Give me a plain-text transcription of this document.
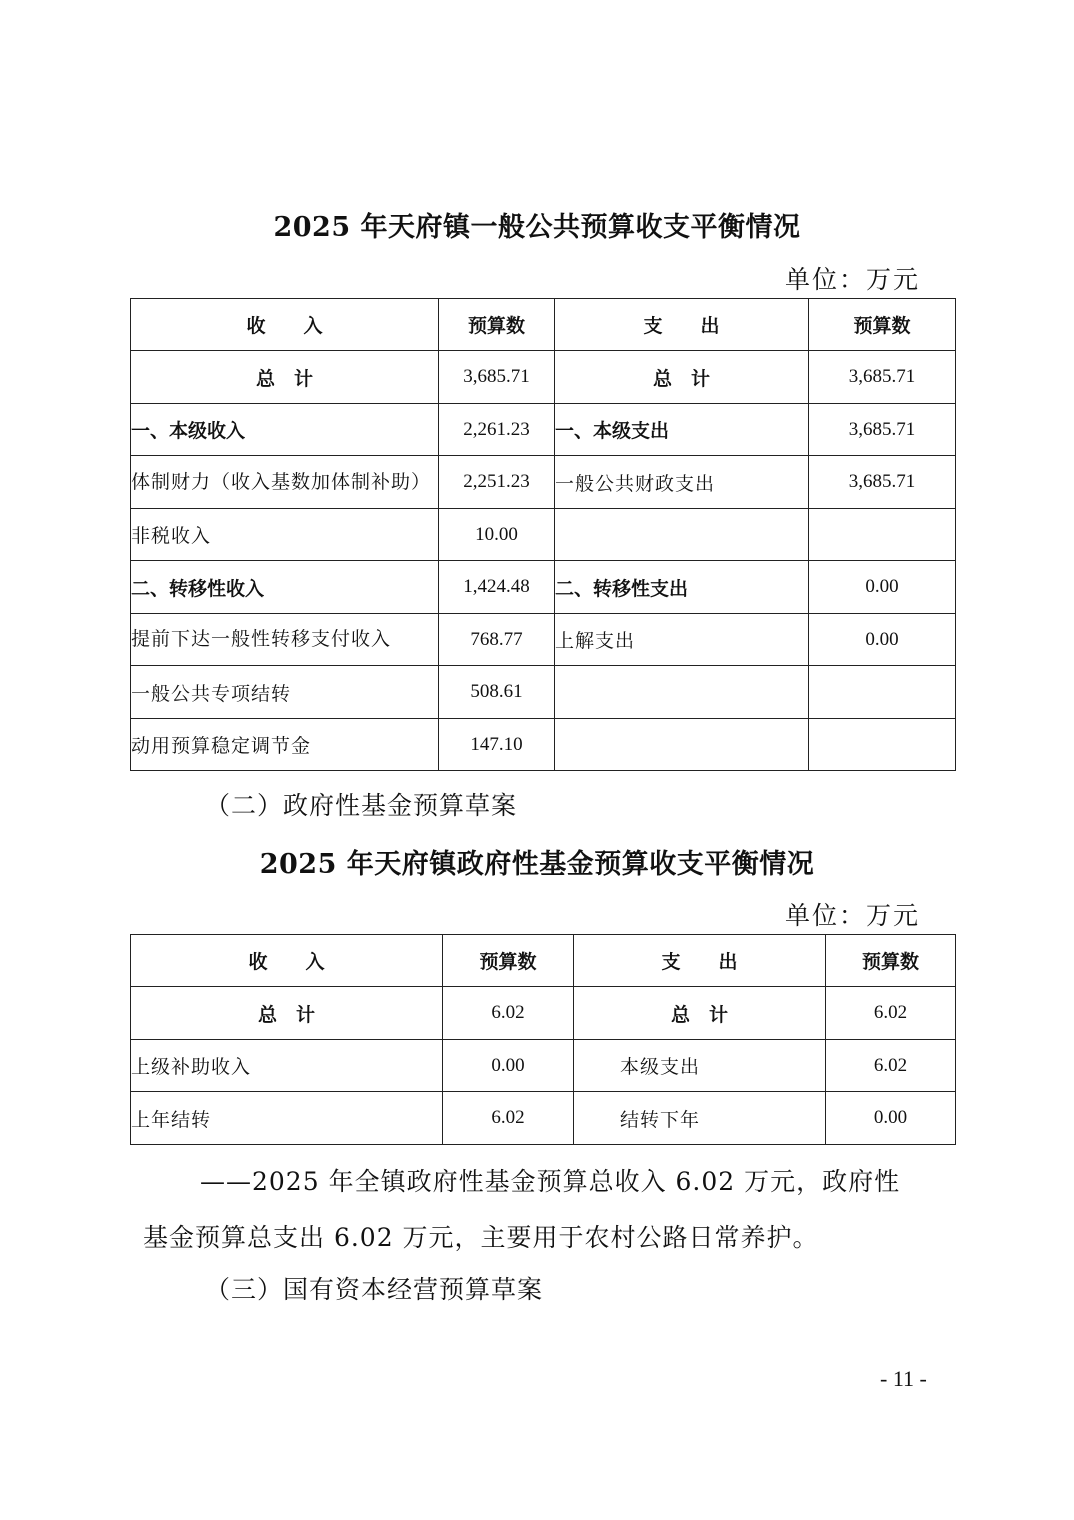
2025 年天府镇一般公共预算收支平衡情况
单位：万元
收　　入	预算数	支　　出	预算数
总　计	3,685.71	总　计	3,685.71
一、本级收入	2,261.23	一、本级支出	3,685.71
体制财力（收入基数加体制补助）	2,251.23	一般公共财政支出	3,685.71
非税收入	10.00		
二、转移性收入	1,424.48	二、转移性支出	0.00
提前下达一般性转移支付收入	768.77	上解支出	0.00
一般公共专项结转	508.61		
动用预算稳定调节金	147.10		
（二）政府性基金预算草案
2025 年天府镇政府性基金预算收支平衡情况
单位：万元
收　　入	预算数	支　　出	预算数
总　计	6.02	总　计	6.02
上级补助收入	0.00	本级支出	6.02
上年结转	6.02	结转下年	0.00
——2025 年全镇政府性基金预算总收入 6.02 万元，政府性
基金预算总支出 6.02 万元，主要用于农村公路日常养护。
（三）国有资本经营预算草案
- 11 -
